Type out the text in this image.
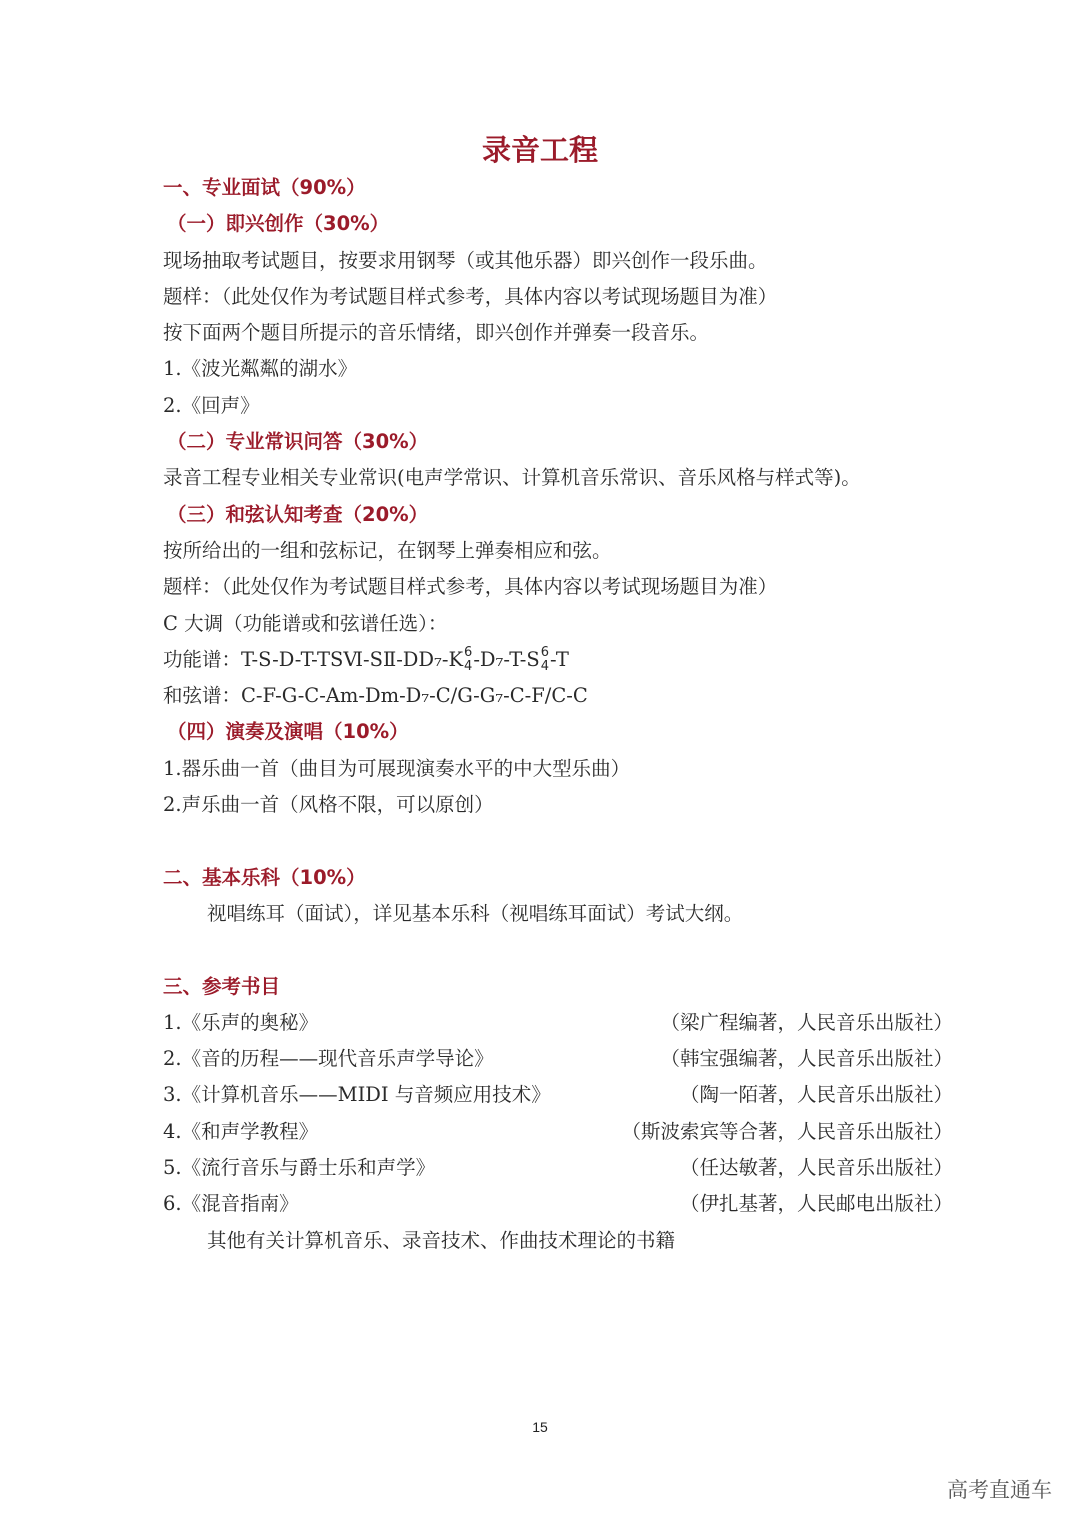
录音工程
一、专业面试（90%）
（一）即兴创作（30%）
现场抽取考试题目，按要求用钢琴（或其他乐器）即兴创作一段乐曲。
题样：（此处仅作为考试题目样式参考，具体内容以考试现场题目为准）
按下面两个题目所提示的音乐情绪，即兴创作并弹奏一段音乐。
1.《波光粼粼的湖水》
2.《回声》
（二）专业常识问答（30%）
录音工程专业相关专业常识(电声学常识、计算机音乐常识、音乐风格与样式等)。
（三）和弦认知考查（20%）
按所给出的一组和弦标记，在钢琴上弹奏相应和弦。
题样：（此处仅作为考试题目样式参考，具体内容以考试现场题目为准）
C 大调（功能谱或和弦谱任选）：
功能谱：T-S-D-T-TSⅥ-SⅡ-DD₇-K 6
4 -D₇-T-S 6
4 -T
和弦谱：C-F-G-C-Am-Dm-D₇-C/G-G₇-C-F/C-C
（四）演奏及演唱（10%）
1.器乐曲一首（曲目为可展现演奏水平的中大型乐曲）
2.声乐曲一首（风格不限，可以原创）
二、基本乐科（10%）
视唱练耳（面试），详见基本乐科（视唱练耳面试）考试大纲。
三、参考书目
1.《乐声的奥秘》	（梁广程编著，人民音乐出版社）
2.《音的历程——现代音乐声学导论》	（韩宝强编著，人民音乐出版社）
3.《计算机音乐——MIDI 与音频应用技术》	（陶一陌著，人民音乐出版社）
4.《和声学教程》	（斯波索宾等合著，人民音乐出版社）
5.《流行音乐与爵士乐和声学》	（任达敏著，人民音乐出版社）
6.《混音指南》	（伊扎基著，人民邮电出版社）
其他有关计算机音乐、录音技术、作曲技术理论的书籍
15
高考直通车
